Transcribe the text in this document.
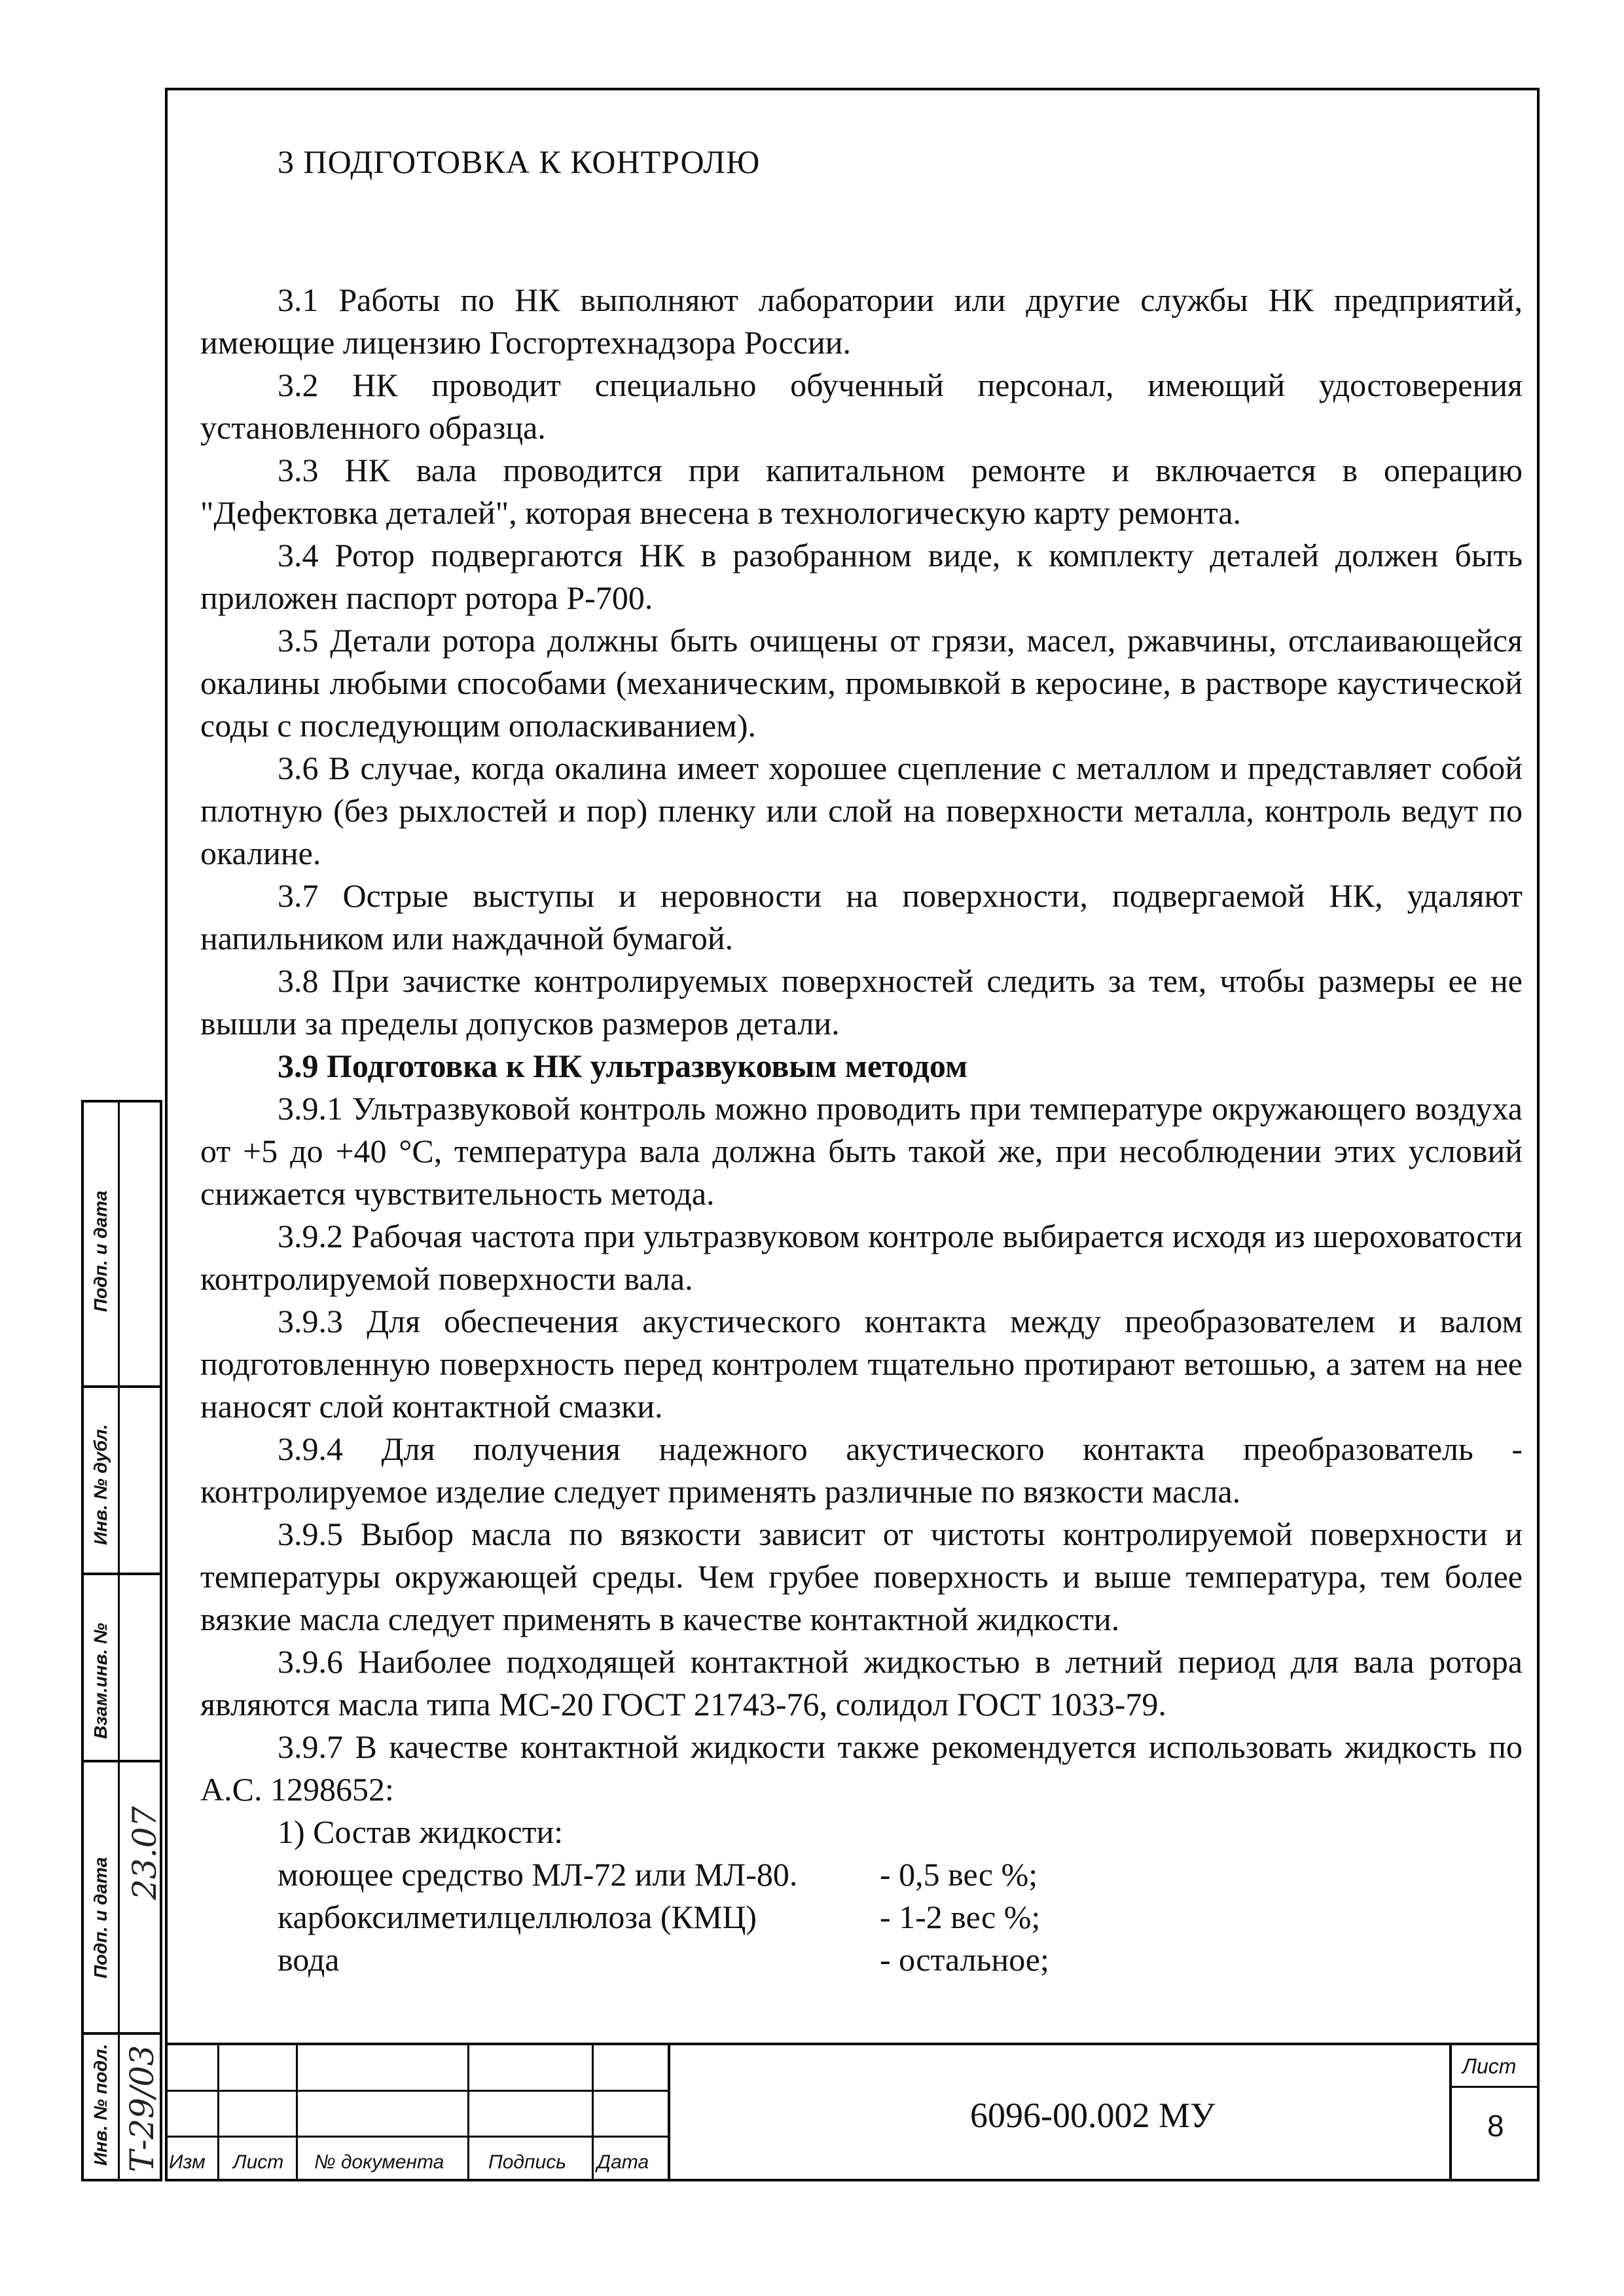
3 ПОДГОТОВКА К КОНТРОЛЮ

3.1 Работы по НК выполняют лаборатории или другие службы НК предприятий, имеющие лицензию Госгортехнадзора России.

3.2 НК проводит специально обученный персонал, имеющий удостоверения установленного образца.

3.3 НК вала проводится при капитальном ремонте и включается в операцию "Дефектовка деталей", которая внесена в технологическую карту ремонта.

3.4 Ротор подвергаются НК в разобранном виде, к комплекту деталей должен быть приложен паспорт ротора Р-700.

3.5 Детали ротора должны быть очищены от грязи, масел, ржавчины, отслаивающейся окалины любыми способами (механическим, промывкой в керосине, в растворе каустической соды с последующим ополаскиванием).

3.6 В случае, когда окалина имеет хорошее сцепление с металлом и представляет собой плотную (без рыхлостей и пор) пленку или слой на поверхности металла, контроль ведут по окалине.

3.7 Острые выступы и неровности на поверхности, подвергаемой НК, удаляют напильником или наждачной бумагой.

3.8 При зачистке контролируемых поверхностей следить за тем, чтобы размеры ее не вышли за пределы допусков размеров детали.

3.9 Подготовка к НК ультразвуковым методом

3.9.1 Ультразвуковой контроль можно проводить при температуре окружающего воздуха от +5 до +40 °С, температура вала должна быть такой же, при несоблюдении этих условий снижается чувствительность метода.

3.9.2 Рабочая частота при ультразвуковом контроле выбирается исходя из шероховатости контролируемой поверхности вала.

3.9.3 Для обеспечения акустического контакта между преобразователем и валом подготовленную поверхность перед контролем тщательно протирают ветошью, а затем на нее наносят слой контактной смазки.

3.9.4 Для получения надежного акустического контакта преобразователь - контролируемое изделие следует применять различные по вязкости масла.

3.9.5 Выбор масла по вязкости зависит от чистоты контролируемой поверхности и температуры окружающей среды. Чем грубее поверхность и выше температура, тем более вязкие масла следует применять в качестве контактной жидкости.

3.9.6 Наиболее подходящей контактной жидкостью в летний период для вала ротора являются масла типа МС-20 ГОСТ 21743-76, солидол ГОСТ 1033-79.

3.9.7 В качестве контактной жидкости также рекомендуется использовать жидкость по А.С. 1298652:

1) Состав жидкости:
моющее средство МЛ-72 или МЛ-80.	- 0,5 вес %;
карбоксилметилцеллюлоза (КМЦ)	- 1-2 вес %;
вода	- остальное;
Подп. и дата
Инв. № дубл.
Взам.инв. №
Подп. и дата
23.07
Инв. № подл. Т-29/03 Изм Лист № документа Подпись Дата
6096-00.002 МУ
Лист
8
